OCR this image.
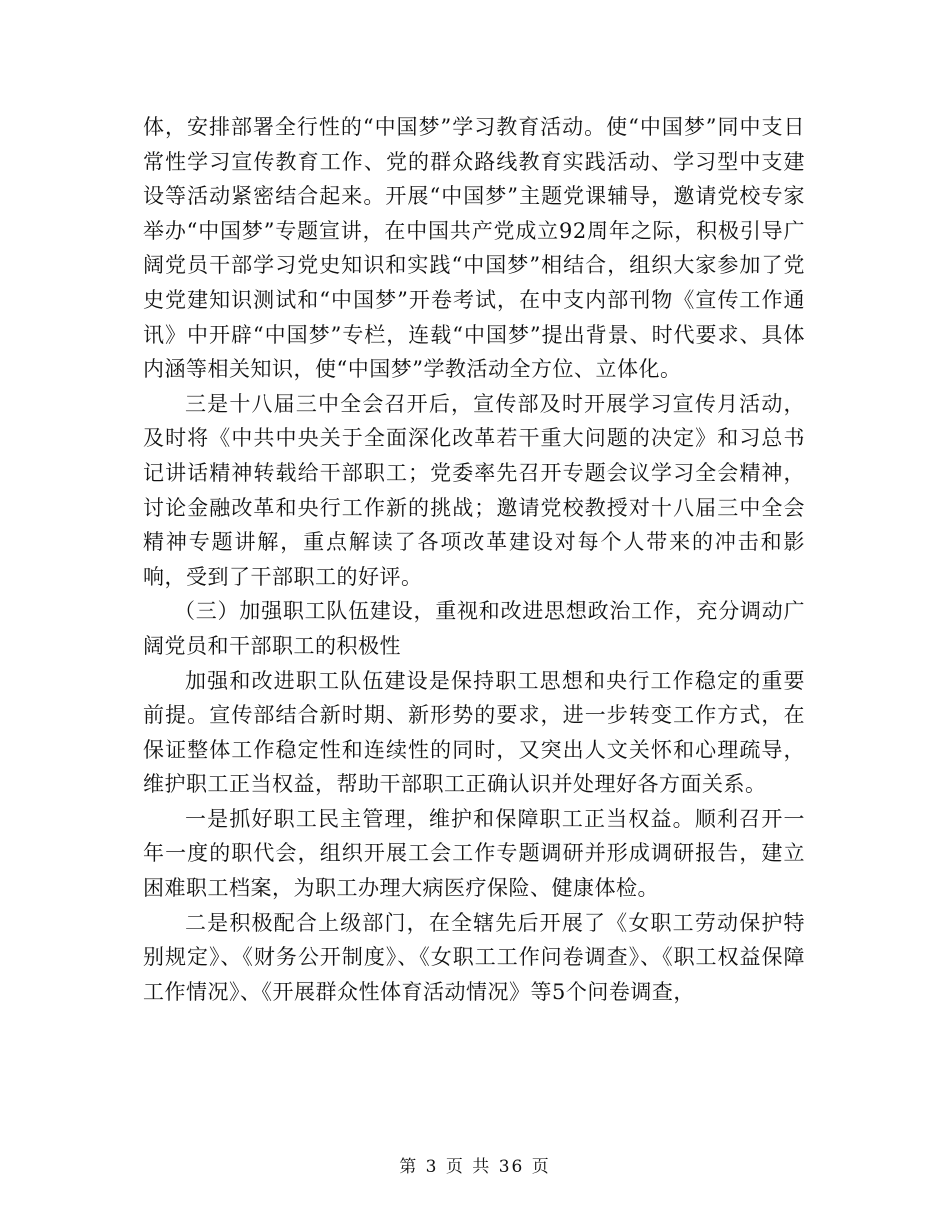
体，安排部署全行性的“中国梦”学习教育活动。使“中国梦”同中支日常性学习宣传教育工作、党的群众路线教育实践活动、学习型中支建设等活动紧密结合起来。开展“中国梦”主题党课辅导，邀请党校专家举办“中国梦”专题宣讲，在中国共产党成立92周年之际，积极引导广阔党员干部学习党史知识和实践“中国梦”相结合，组织大家参加了党史党建知识测试和“中国梦”开卷考试，在中支内部刊物《宣传工作通讯》中开辟“中国梦”专栏，连载“中国梦”提出背景、时代要求、具体内涵等相关知识，使“中国梦”学教活动全方位、立体化。

三是十八届三中全会召开后，宣传部及时开展学习宣传月活动，及时将《中共中央关于全面深化改革若干重大问题的决定》和习总书记讲话精神转载给干部职工；党委率先召开专题会议学习全会精神，讨论金融改革和央行工作新的挑战；邀请党校教授对十八届三中全会精神专题讲解，重点解读了各项改革建设对每个人带来的冲击和影响，受到了干部职工的好评。

（三）加强职工队伍建设，重视和改进思想政治工作，充分调动广阔党员和干部职工的积极性

加强和改进职工队伍建设是保持职工思想和央行工作稳定的重要前提。宣传部结合新时期、新形势的要求，进一步转变工作方式，在保证整体工作稳定性和连续性的同时，又突出人文关怀和心理疏导，维护职工正当权益，帮助干部职工正确认识并处理好各方面关系。

一是抓好职工民主管理，维护和保障职工正当权益。顺利召开一年一度的职代会，组织开展工会工作专题调研并形成调研报告，建立困难职工档案，为职工办理大病医疗保险、健康体检。

二是积极配合上级部门，在全辖先后开展了《女职工劳动保护特别规定》、《财务公开制度》、《女职工工作问卷调查》、《职工权益保障工作情况》、《开展群众性体育活动情况》等5个问卷调查，

第 3 页 共 36 页
